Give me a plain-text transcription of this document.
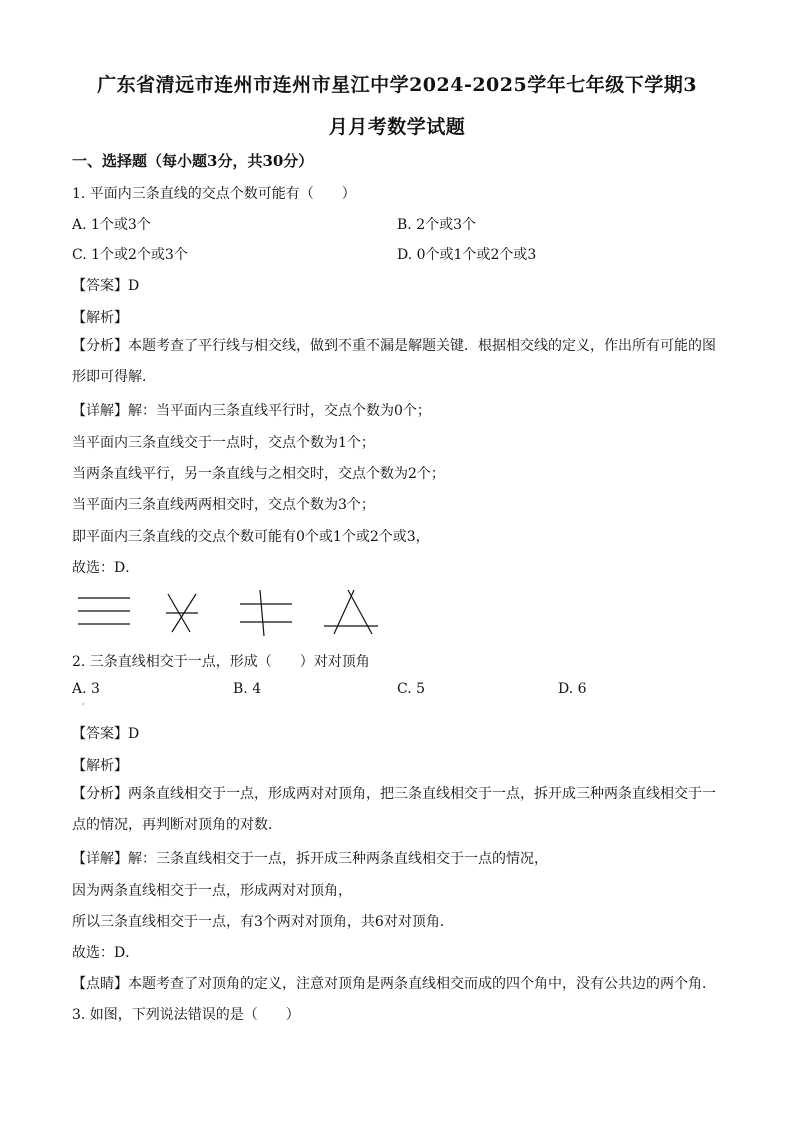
广东省清远市连州市连州市星江中学2024-2025学年七年级下学期3
月月考数学试题
一、选择题（每小题3分，共30分）
1. 平面内三条直线的交点个数可能有（　　）
A. 1个或3个	B. 2个或3个
C. 1个或2个或3个	D. 0个或1个或2个或3
【答案】D
【解析】
【分析】本题考查了平行线与相交线，做到不重不漏是解题关键．根据相交线的定义，作出所有可能的图形即可得解．
【详解】解：当平面内三条直线平行时，交点个数为0个；
当平面内三条直线交于一点时，交点个数为1个；
当两条直线平行，另一条直线与之相交时，交点个数为2个；
当平面内三条直线两两相交时，交点个数为3个；
即平面内三条直线的交点个数可能有0个或1个或2个或3，
故选：D．
2. 三条直线相交于一点，形成（　　）对对顶角
A. 3	B. 4	C. 5	D. 6
·
【答案】D
【解析】
【分析】两条直线相交于一点，形成两对对顶角，把三条直线相交于一点，拆开成三种两条直线相交于一点的情况，再判断对顶角的对数．
【详解】解：三条直线相交于一点，拆开成三种两条直线相交于一点的情况，
因为两条直线相交于一点，形成两对对顶角，
所以三条直线相交于一点，有3个两对对顶角，共6对对顶角．
故选：D．
【点睛】本题考查了对顶角的定义，注意对顶角是两条直线相交而成的四个角中，没有公共边的两个角．
3. 如图，下列说法错误的是（　　）
